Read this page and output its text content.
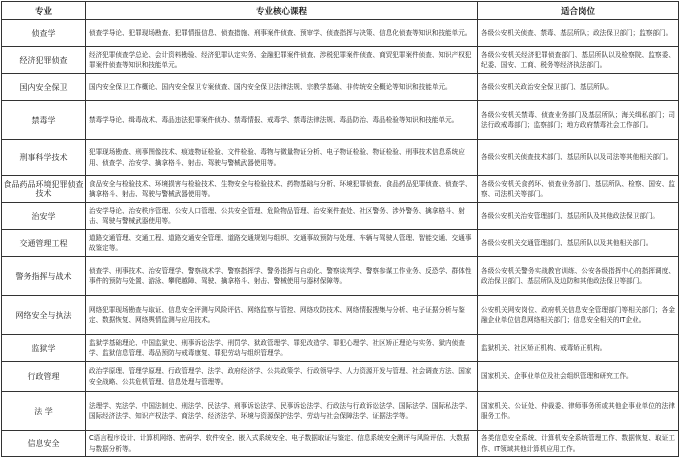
专业	专业核心课程	适合岗位
侦查学	侦查学导论、犯罪现场勘查、犯罪情报信息、侦查措施、刑事案件侦查、预审学、侦查指挥与决策、信息化侦查等知识和技能单元。	各级公安机关侦查、禁毒、基层所队；政法保卫部门；监察部门。
经济犯罪侦查	经济犯罪侦查学总论、会计资料勘验、经济犯罪认定实务、金融犯罪案件侦查、涉税犯罪案件侦查、商贸犯罪案件侦查、知识产权犯罪案件侦查等知识和技能单元。	各级公安机关经济犯罪侦查部门、基层所队以及检察院、监察委、纪委、国安、工商、税务等经济执法部门。
国内安全保卫	国内安全保卫工作概论、国内安全保卫专案侦查、国内安全保卫法律法规、宗教学基础、非传统安全概论等知识和技能单元。	各级公安机关政治安全保卫部门、基层所队。
禁毒学	禁毒学导论、缉毒战术、毒品违法犯罪案件侦办、禁毒情报、戒毒学、禁毒法律法规、毒品防治、毒品检验等知识和技能单元。	各级公安机关禁毒、侦查业务部门及基层所队；海关缉私部门；司法行政戒毒部门；监察部门；地方政府禁毒社会工作部门。
刑事科学技术	犯罪现场勘查、刑事图像技术、痕迹物证检验、文件检验、毒物与微量物证分析、电子物证检验、物证检验、刑事技术信息系统应用、侦查学、治安学、擒拿格斗、射击、驾驶与警械武器使用等。	各级公安机关侦查技术部门、基层所队以及司法等其他相关部门。
食品药品环境犯罪侦查技术	食品安全与检验技术、环境损害与检验技术、生物安全与检验技术、药物基础与分析、环境犯罪侦查、食品药品犯罪侦查、侦查学、擒拿格斗、射击、驾驶与警械武器使用等。	各级公安机关食药环、侦查业务部门、基层所队、检察、国安、监察、司法机关等部门。
治安学	治安学导论、治安秩序管理、公安人口管理、公共安全管理、危险物品管理、治安案件查处、社区警务、涉外警务、擒拿格斗、射击、驾驶与警械武器使用等。	各级公安机关治安管理部门、基层所队及其他政法保卫部门。
交通管理工程	道路交通管理、交通工程、道路交通安全管理、道路交通规划与组织、交通事故预防与处理、车辆与驾驶人管理、智能交通、交通事故鉴定等。	各级公安机关交通管理部门、基层所队以及其他相关部门。
警务指挥与战术	侦查学、刑事技术、治安管理学、警察战术学、警察指挥学、警务指挥与自动化、警察谈判学、警察参谋工作业务、反恐学、群体性事件的预防与处置、游泳、攀爬越障、驾驶、擒拿格斗、射击、警械使用与器材保障等。	各级公安机关警务实战教官训练、公安各级指挥中心的指挥调度、政治保卫部门、基层所队及边防和其他政法保卫等部门。
网络安全与执法	网络犯罪现场勘查与取证、信息安全评测与风险评估、网络监察与管控、网络攻防技术、网络情报搜集与分析、电子证据分析与鉴定、数据恢复、网络舆情监测与应用技术。	公安机关网安岗位、政府机关信息安全管理部门等相关部门；各金融企业单位信息网络相关部门；信息安全相关的IT企业。
监狱学	监狱学基础理论、中国监狱史、刑事诉讼法学、刑罚学、狱政管理学、罪犯改造学、罪犯心理学、社区矫正理论与实务、狱内侦查学、监狱信息管理、毒品预防与戒毒康复、罪犯劳动与组织管理学。	监狱机关、社区矫正机构、戒毒矫正机构。
行政管理	政治学原理、管理学原理、行政管理学、法学、政府经济学、公共政策学、行政领导学、人力资源开发与管理、社会调查方法、国家安全战略、公共危机管理、信息处理与管理等。	国家机关、企事业单位及社会组织管理和研究工作。
法 学	法理学、宪法学、中国法制史、刑法学、民法学、刑事诉讼法学、民事诉讼法学、行政法与行政诉讼法学、国际法学、国际私法学、国际经济法学、知识产权法学、商法学、经济法学、环境与资源保护法学、劳动与社会保障法学、证据法学等。	国家机关、公证处、仲裁委、律师事务所或其他企事业单位的法律服务工作。
信息安全	C语言程序设计、计算机网络、密码学、软件安全、嵌入式系统安全、电子数据取证与鉴定、信息系统安全测评与风险评估、大数据与数据分析等。	各类信息安全系统、计算机安全系统管理工作、数据恢复、取证工作、IT领域其他计算机应用工作。
